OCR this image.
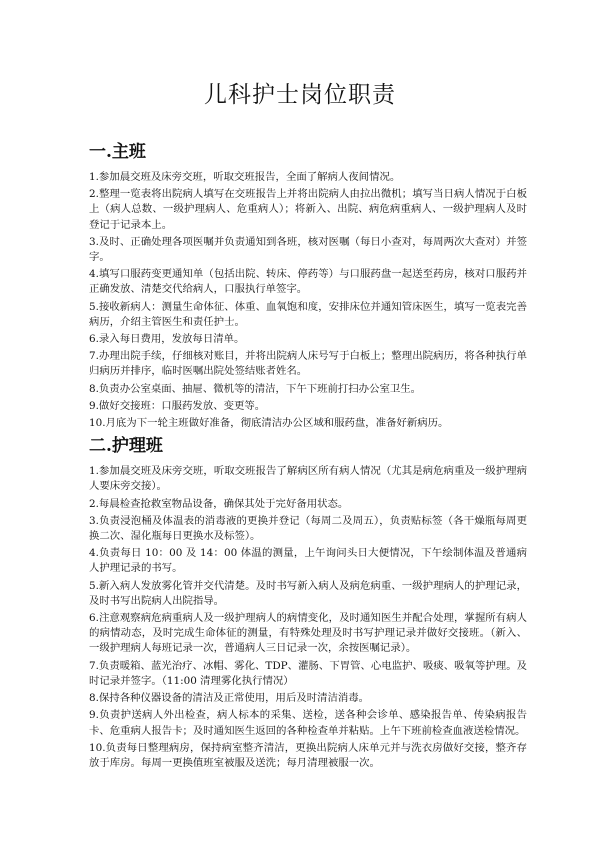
儿科护士岗位职责
一.主班
1.参加晨交班及床旁交班，听取交班报告，全面了解病人夜间情况。
2.整理一览表将出院病人填写在交班报告上并将出院病人由拉出微机；填写当日病人情况于白板上（病人总数、一级护理病人、危重病人）；将新入、出院、病危病重病人、一级护理病人及时登记于记录本上。
3.及时、正确处理各项医嘱并负责通知到各班，核对医嘱（每日小查对，每周两次大查对）并签字。
4.填写口服药变更通知单（包括出院、转床、停药等）与口服药盘一起送至药房，核对口服药并正确发放、清楚交代给病人，口服执行单签字。
5.接收新病人：测量生命体征、体重、血氧饱和度，安排床位并通知管床医生，填写一览表完善病历，介绍主管医生和责任护士。
6.录入每日费用，发放每日清单。
7.办理出院手续，仔细核对账目，并将出院病人床号写于白板上；整理出院病历，将各种执行单归病历并排序，临时医嘱出院处签结账者姓名。
8.负责办公室桌面、抽屉、微机等的清洁，下午下班前打扫办公室卫生。
9.做好交接班：口服药发放、变更等。
10.月底为下一轮主班做好准备，彻底清洁办公区域和服药盘，准备好新病历。
二.护理班
1.参加晨交班及床旁交班，听取交班报告了解病区所有病人情况（尤其是病危病重及一级护理病人要床旁交接）。
2.每晨检查抢救室物品设备，确保其处于完好备用状态。
3.负责浸泡桶及体温表的消毒液的更换并登记（每周二及周五），负责贴标签（各干燥瓶每周更换二次、湿化瓶每日更换水及标签）。
4.负责每日 10：00 及 14：00 体温的测量，上午询问头日大便情况，下午绘制体温及普通病人护理记录的书写。
5.新入病人发放雾化管并交代清楚。及时书写新入病人及病危病重、一级护理病人的护理记录，及时书写出院病人出院指导。
6.注意观察病危病重病人及一级护理病人的病情变化，及时通知医生并配合处理，掌握所有病人的病情动态，及时完成生命体征的测量，有特殊处理及时书写护理记录并做好交接班。（新入、一级护理病人每班记录一次，普通病人三日记录一次，余按医嘱记录）。
7.负责暖箱、蓝光治疗、冰帽、雾化、TDP、灌肠、下胃管、心电监护、吸痰、吸氧等护理。及时记录并签字。（11:00 清理雾化执行情况）
8.保持各种仪器设备的清洁及正常使用，用后及时清洁消毒。
9.负责护送病人外出检查，病人标本的采集、送检，送各种会诊单、感染报告单、传染病报告卡、危重病人报告卡；及时通知医生返回的各种检查单并粘贴。上午下班前检查血液送检情况。
10.负责每日整理病房，保持病室整齐清洁，更换出院病人床单元并与洗衣房做好交接，整齐存放于库房。每周一更换值班室被服及送洗；每月清理被服一次。
